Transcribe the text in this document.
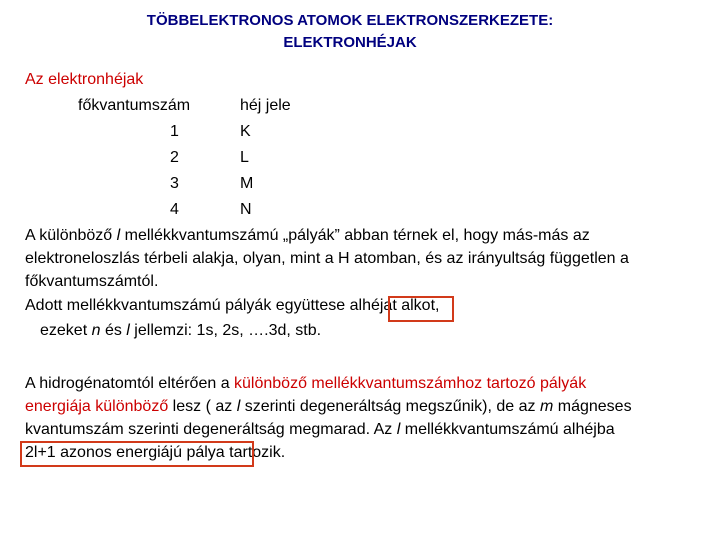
TÖBBELEKTRONOS ATOMOK ELEKTRONSZERKEZETE:
ELEKTRONHÉJAK
Az elektronhéjak
főkvantumszám	héj jele
1	K
2	L
3	M
4	N
A különböző l mellékkvantumszámú „pályák” abban térnek el, hogy más-más az
elektroneloszlás térbeli alakja, olyan, mint a H atomban, és az irányultság független a
főkvantumszámtól.
Adott mellékkvantumszámú pályák együttese alhéjat alkot,
ezeket n és l jellemzi: 1s, 2s, ….3d, stb.
A hidrogénatomtól eltérően a különböző mellékkvantumszámhoz tartozó pályák
energiája különböző lesz ( az l szerinti degeneráltság megszűnik), de az m mágneses
kvantumszám szerinti degeneráltság megmarad. Az l mellékkvantumszámú alhéjba
2l+1 azonos energiájú pálya tartozik.
